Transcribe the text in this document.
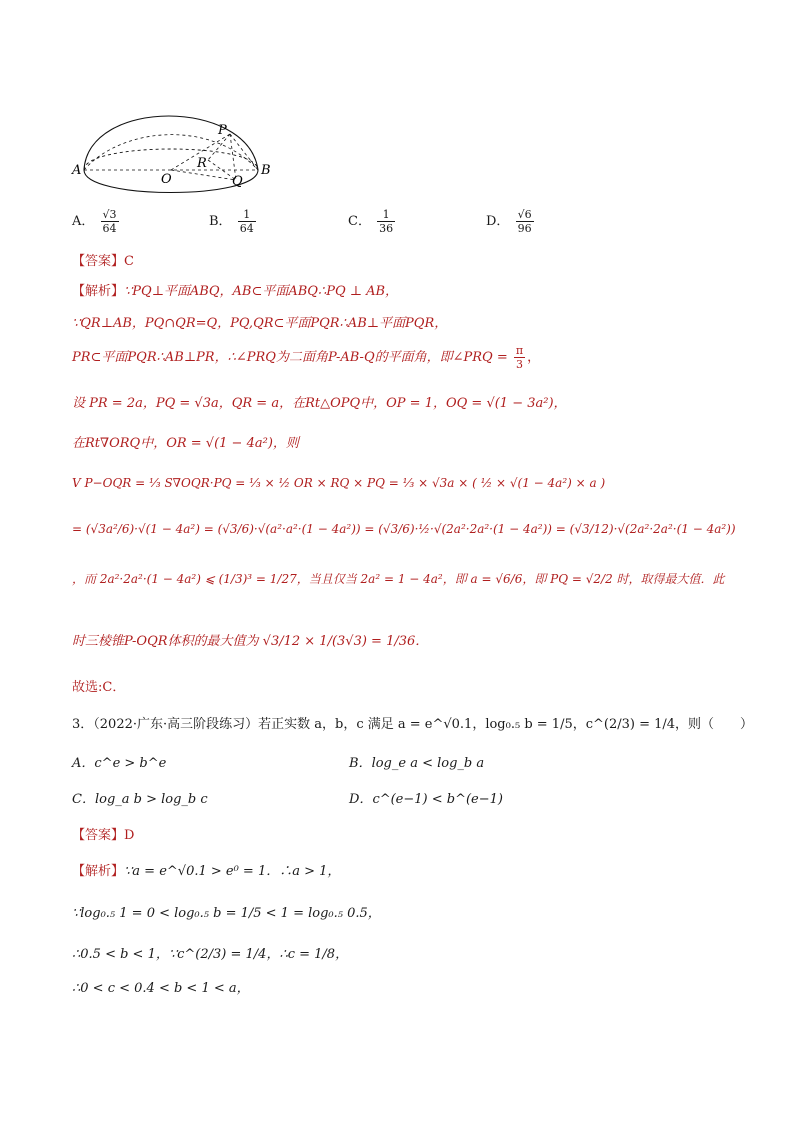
A	B
O
P
Q
R
A． $\frac{√3}{64}$	B． $\frac{1}{64}$	C． $\frac{1}{36}$	D． $\frac{√6}{96}$
【答案】C
【解析】∵PQ⊥平面ABQ，AB⊂平面ABQ∴PQ ⊥ AB，
∵QR⊥AB，PQ∩QR=Q，PQ,QR⊂平面PQR∴AB⊥平面PQR，
PR⊂平面PQR∴AB⊥PR，∴∠PRQ为二面角P-AB-Q的平面角，即∠PRQ = $\frac{\pi}{3}$ ，
设 PR = 2a，PQ = √3a，QR = a，在Rt△OPQ中，OP = 1，OQ = √(1 − 3a²)，
在Rt∇ORQ中，OR = √(1 − 4a²)，则
V P−OQR = ⅓ S∇OQR·PQ = ⅓ × ½ OR × RQ × PQ = ⅓ × √3a × ( ½ × √(1 − 4a²) × a )
= (√3a²/6)·√(1 − 4a²) = (√3/6)·√(a²·a²·(1 − 4a²)) = (√3/6)·½·√(2a²·2a²·(1 − 4a²)) = (√3/12)·√(2a²·2a²·(1 − 4a²))
，而 2a²·2a²·(1 − 4a²) ⩽ (1/3)³ = 1/27，当且仅当 2a² = 1 − 4a²，即 a = √6/6，即 PQ = √2/2 时，取得最大值．此
时三棱锥P-OQR体积的最大值为 √3/12 × 1/(3√3) = 1/36．
故选:C．
3．（2022·广东·高三阶段练习）若正实数 a，b，c 满足 a = e^√0.1，log₀.₅ b = 1/5，c^(2/3) = 1/4，则（　　）
A．c^e > b^e	B．log_e a < log_b a
C．log_a b > log_b c	D．c^(e−1) < b^(e−1)
【答案】D
【解析】∵a = e^√0.1 > e⁰ = 1．∴a > 1，
∵log₀.₅ 1 = 0 < log₀.₅ b = 1/5 < 1 = log₀.₅ 0.5，
∴0.5 < b < 1，∵c^(2/3) = 1/4，∴c = 1/8，
∴0 < c < 0.4 < b < 1 < a，
